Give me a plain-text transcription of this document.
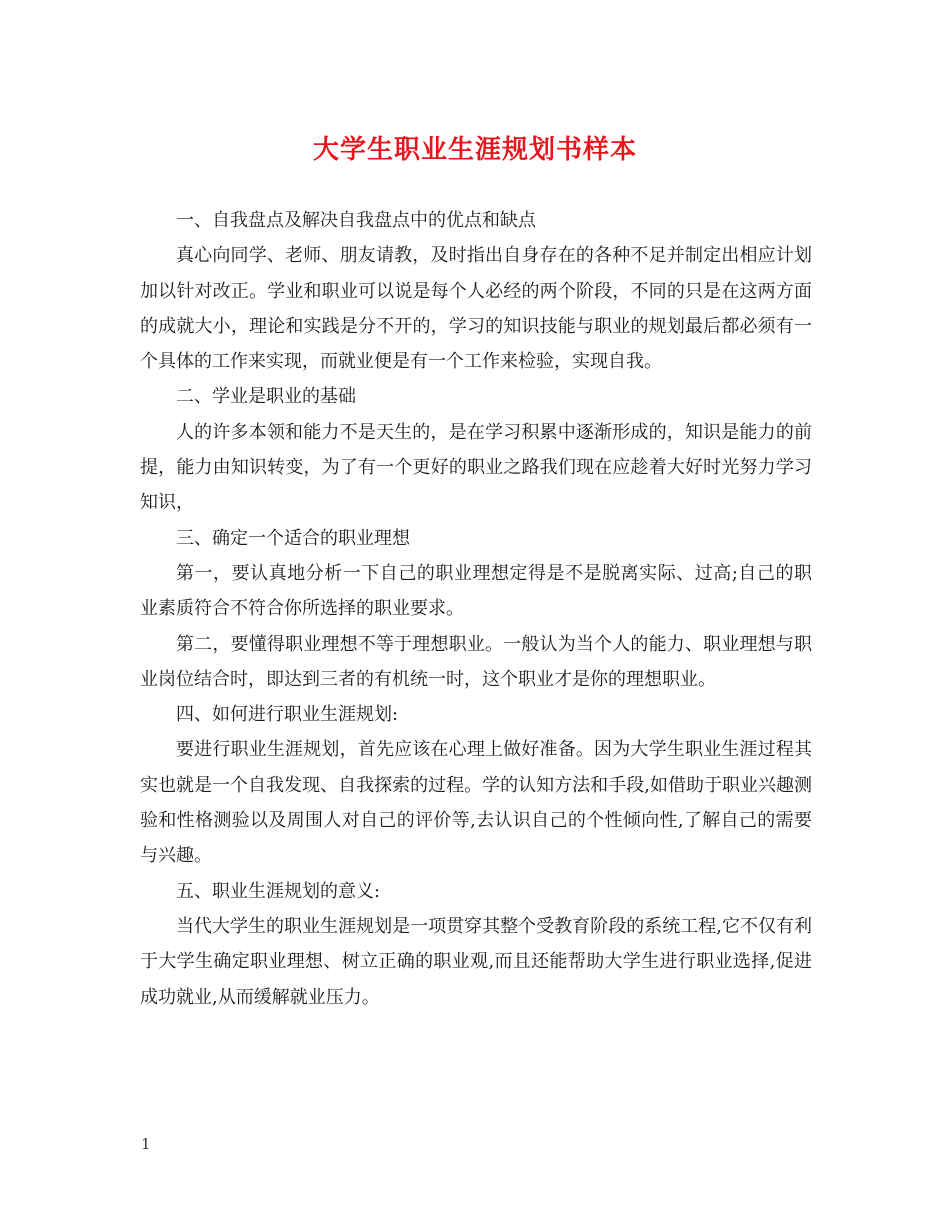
大学生职业生涯规划书样本

一、自我盘点及解决自我盘点中的优点和缺点

真心向同学、老师、朋友请教，及时指出自身存在的各种不足并制定出相应计划加以针对改正。学业和职业可以说是每个人必经的两个阶段，不同的只是在这两方面的成就大小，理论和实践是分不开的，学习的知识技能与职业的规划最后都必须有一个具体的工作来实现，而就业便是有一个工作来检验，实现自我。

二、学业是职业的基础

人的许多本领和能力不是天生的，是在学习积累中逐渐形成的，知识是能力的前提，能力由知识转变，为了有一个更好的职业之路我们现在应趁着大好时光努力学习知识，

三、确定一个适合的职业理想

第一，要认真地分析一下自己的职业理想定得是不是脱离实际、过高;自己的职业素质符合不符合你所选择的职业要求。

第二，要懂得职业理想不等于理想职业。一般认为当个人的能力、职业理想与职业岗位结合时，即达到三者的有机统一时，这个职业才是你的理想职业。

四、如何进行职业生涯规划:

要进行职业生涯规划，首先应该在心理上做好准备。因为大学生职业生涯过程其实也就是一个自我发现、自我探索的过程。学的认知方法和手段,如借助于职业兴趣测验和性格测验以及周围人对自己的评价等,去认识自己的个性倾向性,了解自己的需要与兴趣。

五、职业生涯规划的意义:

当代大学生的职业生涯规划是一项贯穿其整个受教育阶段的系统工程,它不仅有利于大学生确定职业理想、树立正确的职业观,而且还能帮助大学生进行职业选择,促进成功就业,从而缓解就业压力。

1
